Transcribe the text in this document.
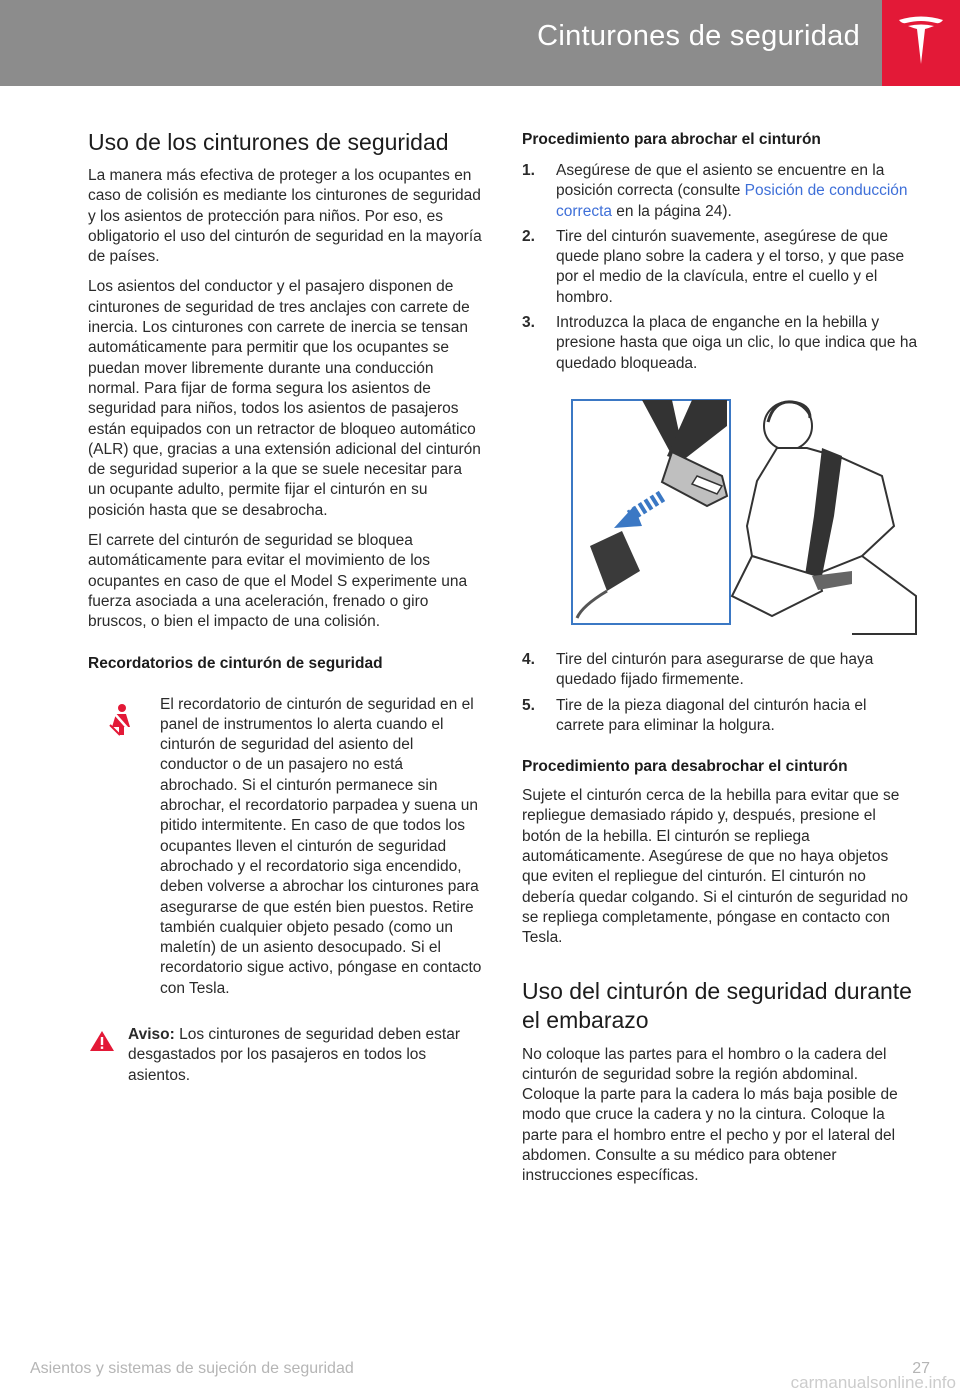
Cinturones de seguridad
Uso de los cinturones de seguridad

La manera más efectiva de proteger a los ocupantes en caso de colisión es mediante los cinturones de seguridad y los asientos de protección para niños. Por eso, es obligatorio el uso del cinturón de seguridad en la mayoría de países.

Los asientos del conductor y el pasajero disponen de cinturones de seguridad de tres anclajes con carrete de inercia. Los cinturones con carrete de inercia se tensan automáticamente para permitir que los ocupantes se puedan mover libremente durante una conducción normal. Para fijar de forma segura los asientos de seguridad para niños, todos los asientos de pasajeros están equipados con un retractor de bloqueo automático (ALR) que, gracias a una extensión adicional del cinturón de seguridad superior a la que se suele necesitar para un ocupante adulto, permite fijar el cinturón en su posición hasta que se desabrocha.

El carrete del cinturón de seguridad se bloquea automáticamente para evitar el movimiento de los ocupantes en caso de que el Model S experimente una fuerza asociada a una aceleración, frenado o giro bruscos, o bien el impacto de una colisión.

Recordatorios de cinturón de seguridad

El recordatorio de cinturón de seguridad en el panel de instrumentos lo alerta cuando el cinturón de seguridad del asiento del conductor o de un pasajero no está abrochado. Si el cinturón permanece sin abrochar, el recordatorio parpadea y suena un pitido intermitente. En caso de que todos los ocupantes lleven el cinturón de seguridad abrochado y el recordatorio siga encendido, deben volverse a abrochar los cinturones para asegurarse de que estén bien puestos. Retire también cualquier objeto pesado (como un maletín) de un asiento desocupado. Si el recordatorio sigue activo, póngase en contacto con Tesla.

Aviso: Los cinturones de seguridad deben estar desgastados por los pasajeros en todos los asientos.

Procedimiento para abrochar el cinturón
1. Asegúrese de que el asiento se encuentre en la posición correcta (consulte Posición de conducción correcta en la página 24).
2. Tire del cinturón suavemente, asegúrese de que quede plano sobre la cadera y el torso, y que pase por el medio de la clavícula, entre el cuello y el hombro.
3. Introduzca la placa de enganche en la hebilla y presione hasta que oiga un clic, lo que indica que ha quedado bloqueada.
4. Tire del cinturón para asegurarse de que haya quedado fijado firmemente.
5. Tire de la pieza diagonal del cinturón hacia el carrete para eliminar la holgura.
Procedimiento para desabrochar el cinturón

Sujete el cinturón cerca de la hebilla para evitar que se repliegue demasiado rápido y, después, presione el botón de la hebilla. El cinturón se repliega automáticamente. Asegúrese de que no haya objetos que eviten el repliegue del cinturón. El cinturón no debería quedar colgando. Si el cinturón de seguridad no se repliega completamente, póngase en contacto con Tesla.

Uso del cinturón de seguridad durante el embarazo

No coloque las partes para el hombro o la cadera del cinturón de seguridad sobre la región abdominal. Coloque la parte para la cadera lo más baja posible de modo que cruce la cadera y no la cintura. Coloque la parte para el hombro entre el pecho y por el lateral del abdomen. Consulte a su médico para obtener instrucciones específicas.

Asientos y sistemas de sujeción de seguridad	27
carmanualsonline.info
